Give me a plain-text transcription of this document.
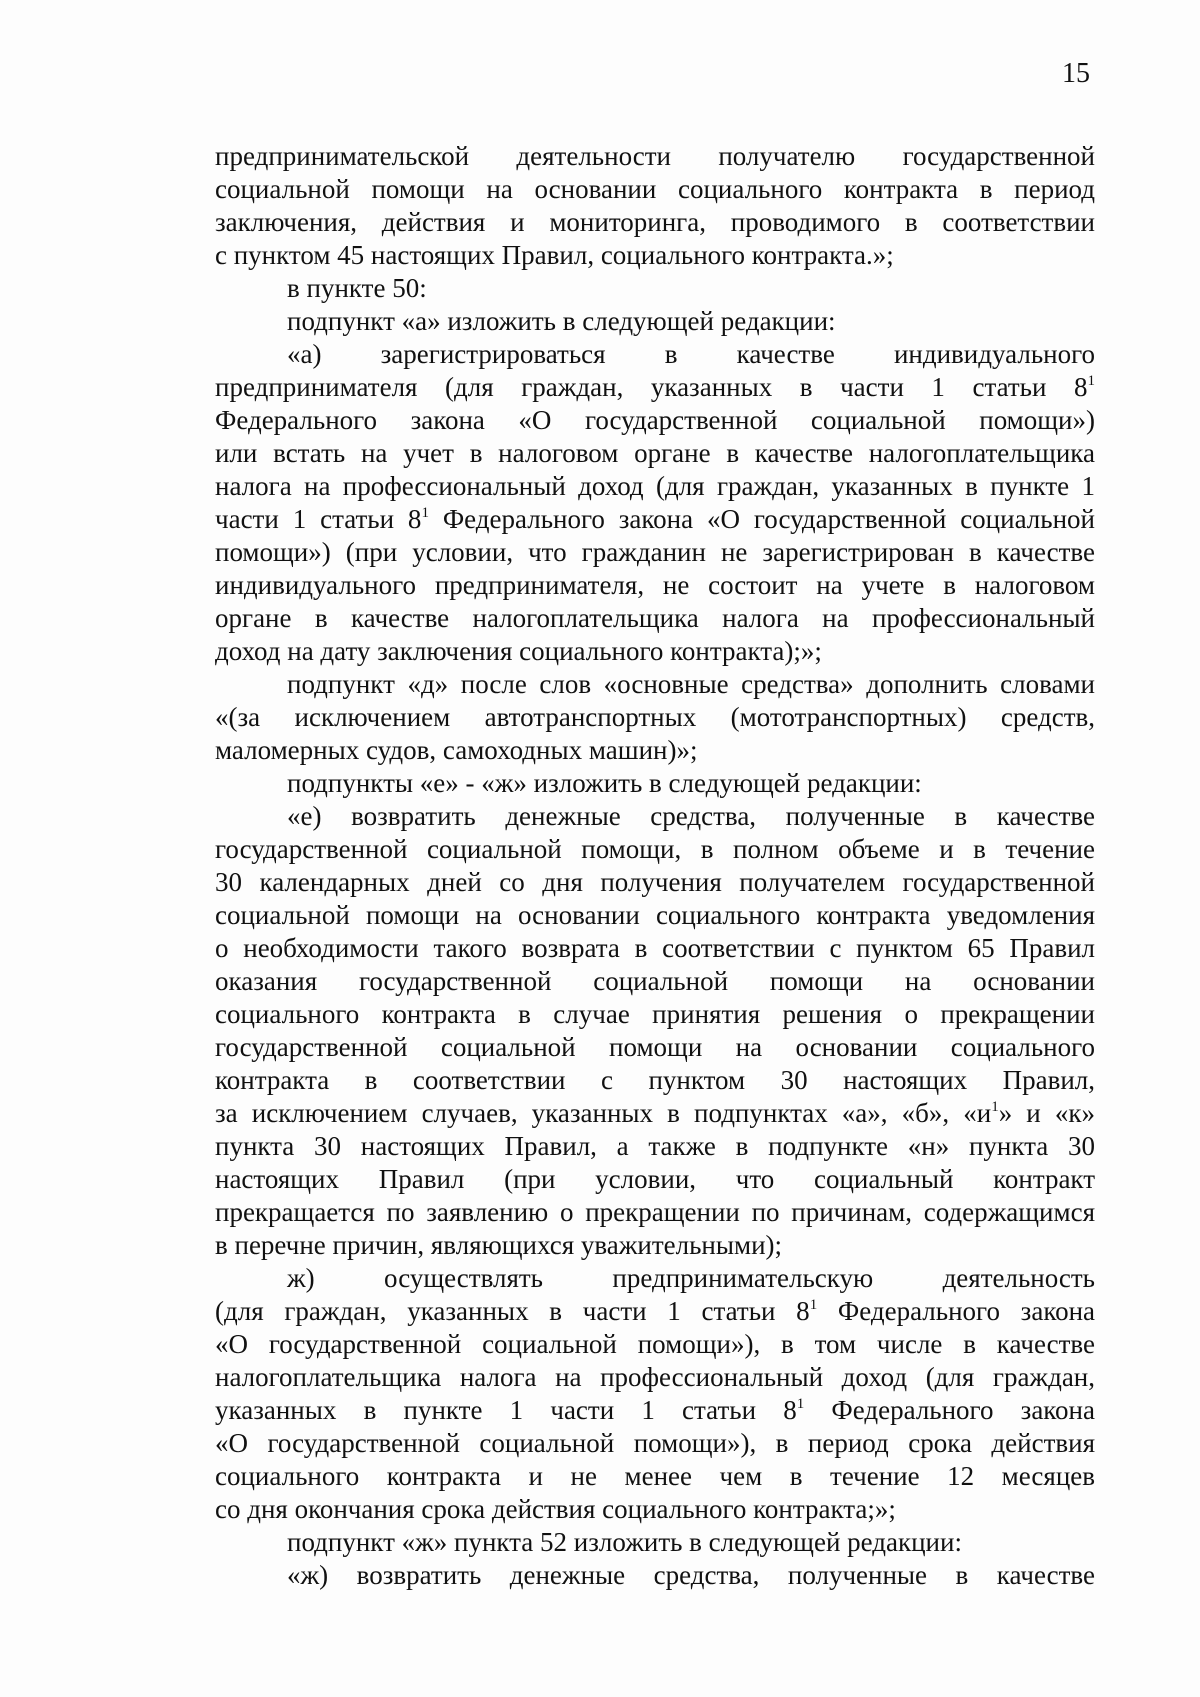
15
предпринимательской деятельности получателю государственной
социальной помощи на основании социального контракта в период
заключения, действия и мониторинга, проводимого в соответствии
с пунктом 45 настоящих Правил, социального контракта.»;
в пункте 50:
подпункт «а» изложить в следующей редакции:
«а) зарегистрироваться в качестве индивидуального
предпринимателя (для граждан, указанных в части 1 статьи $8^1$
Федерального закона «О государственной социальной помощи»)
или встать на учет в налоговом органе в качестве налогоплательщика
налога на профессиональный доход (для граждан, указанных в пункте 1
части 1 статьи $8^1$ Федерального закона «О государственной социальной
помощи») (при условии, что гражданин не зарегистрирован в качестве
индивидуального предпринимателя, не состоит на учете в налоговом
органе в качестве налогоплательщика налога на профессиональный
доход на дату заключения социального контракта);»;
подпункт «д» после слов «основные средства» дополнить словами
«(за исключением автотранспортных (мототранспортных) средств,
маломерных судов, самоходных машин)»;
подпункты «е» - «ж» изложить в следующей редакции:
«е) возвратить денежные средства, полученные в качестве
государственной социальной помощи, в полном объеме и в течение
30 календарных дней со дня получения получателем государственной
социальной помощи на основании социального контракта уведомления
о необходимости такого возврата в соответствии с пунктом 65 Правил
оказания государственной социальной помощи на основании
социального контракта в случае принятия решения о прекращении
государственной социальной помощи на основании социального
контракта в соответствии с пунктом 30 настоящих Правил,
за исключением случаев, указанных в подпунктах «а», «б», «$и^1$» и «к»
пункта 30 настоящих Правил, а также в подпункте «н» пункта 30
настоящих Правил (при условии, что социальный контракт
прекращается по заявлению о прекращении по причинам, содержащимся
в перечне причин, являющихся уважительными);
ж) осуществлять предпринимательскую деятельность
(для граждан, указанных в части 1 статьи $8^1$ Федерального закона
«О государственной социальной помощи»), в том числе в качестве
налогоплательщика налога на профессиональный доход (для граждан,
указанных в пункте 1 части 1 статьи $8^1$ Федерального закона
«О государственной социальной помощи»), в период срока действия
социального контракта и не менее чем в течение 12 месяцев
со дня окончания срока действия социального контракта;»;
подпункт «ж» пункта 52 изложить в следующей редакции:
«ж) возвратить денежные средства, полученные в качестве
